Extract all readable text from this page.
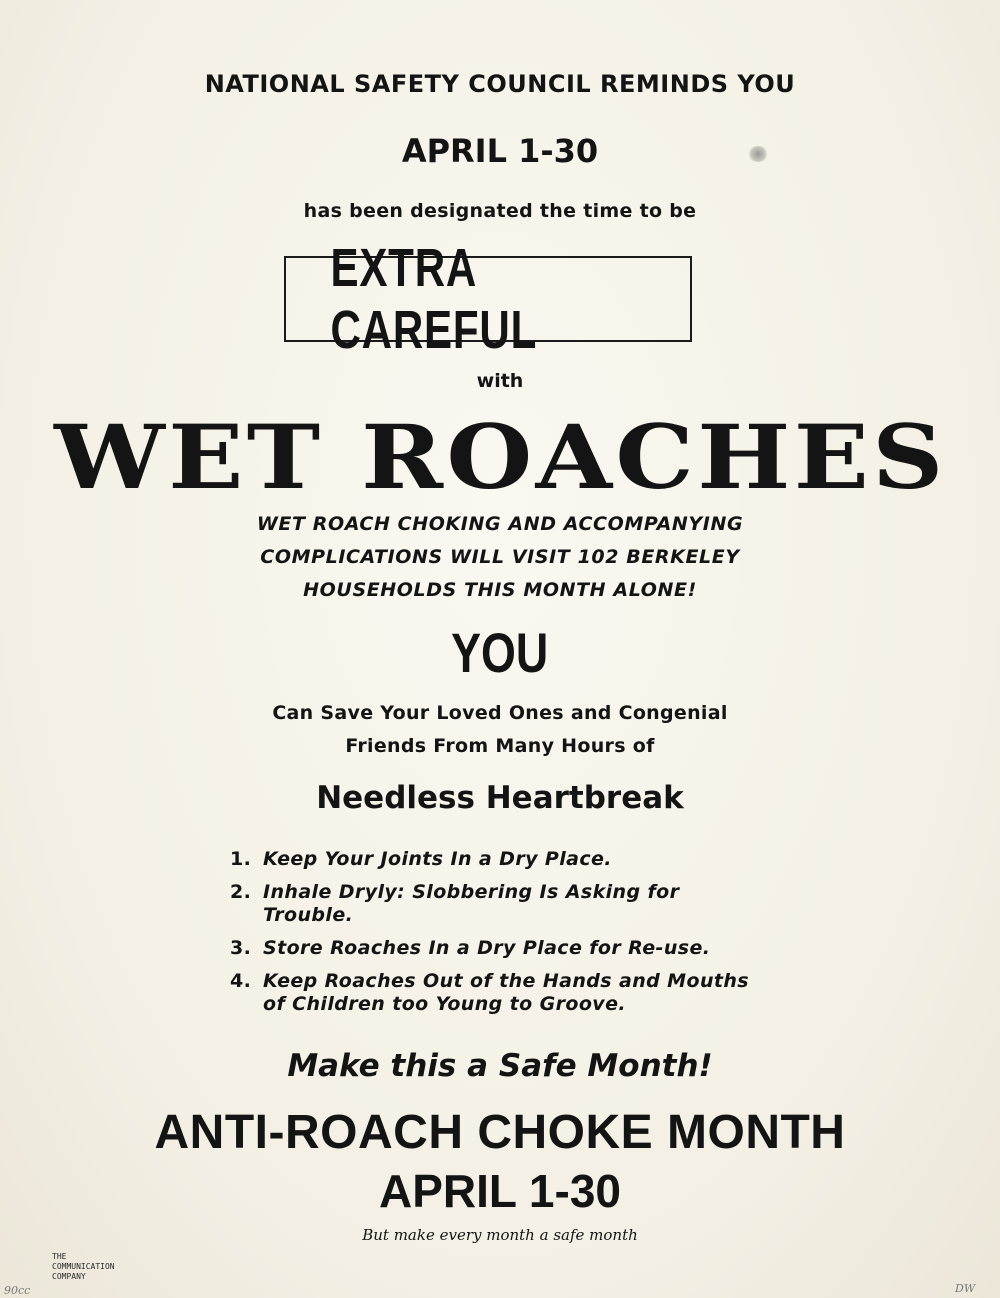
NATIONAL SAFETY COUNCIL REMINDS YOU
APRIL 1-30
has been designated the time to be
EXTRA CAREFUL
with
WET ROACHES
WET ROACH CHOKING AND ACCOMPANYING
COMPLICATIONS WILL VISIT 102 BERKELEY
HOUSEHOLDS THIS MONTH ALONE!
YOU
Can Save Your Loved Ones and Congenial
Friends From Many Hours of
Needless Heartbreak
1. Keep Your Joints In a Dry Place.
2. Inhale Dryly: Slobbering Is Asking for
Trouble.
3. Store Roaches In a Dry Place for Re-use.
4. Keep Roaches Out of the Hands and Mouths
of Children too Young to Groove.
Make this a Safe Month!
ANTI-ROACH CHOKE MONTH
APRIL 1-30
But make every month a safe month
THE
COMMUNICATION
COMPANY
90cc	DW
